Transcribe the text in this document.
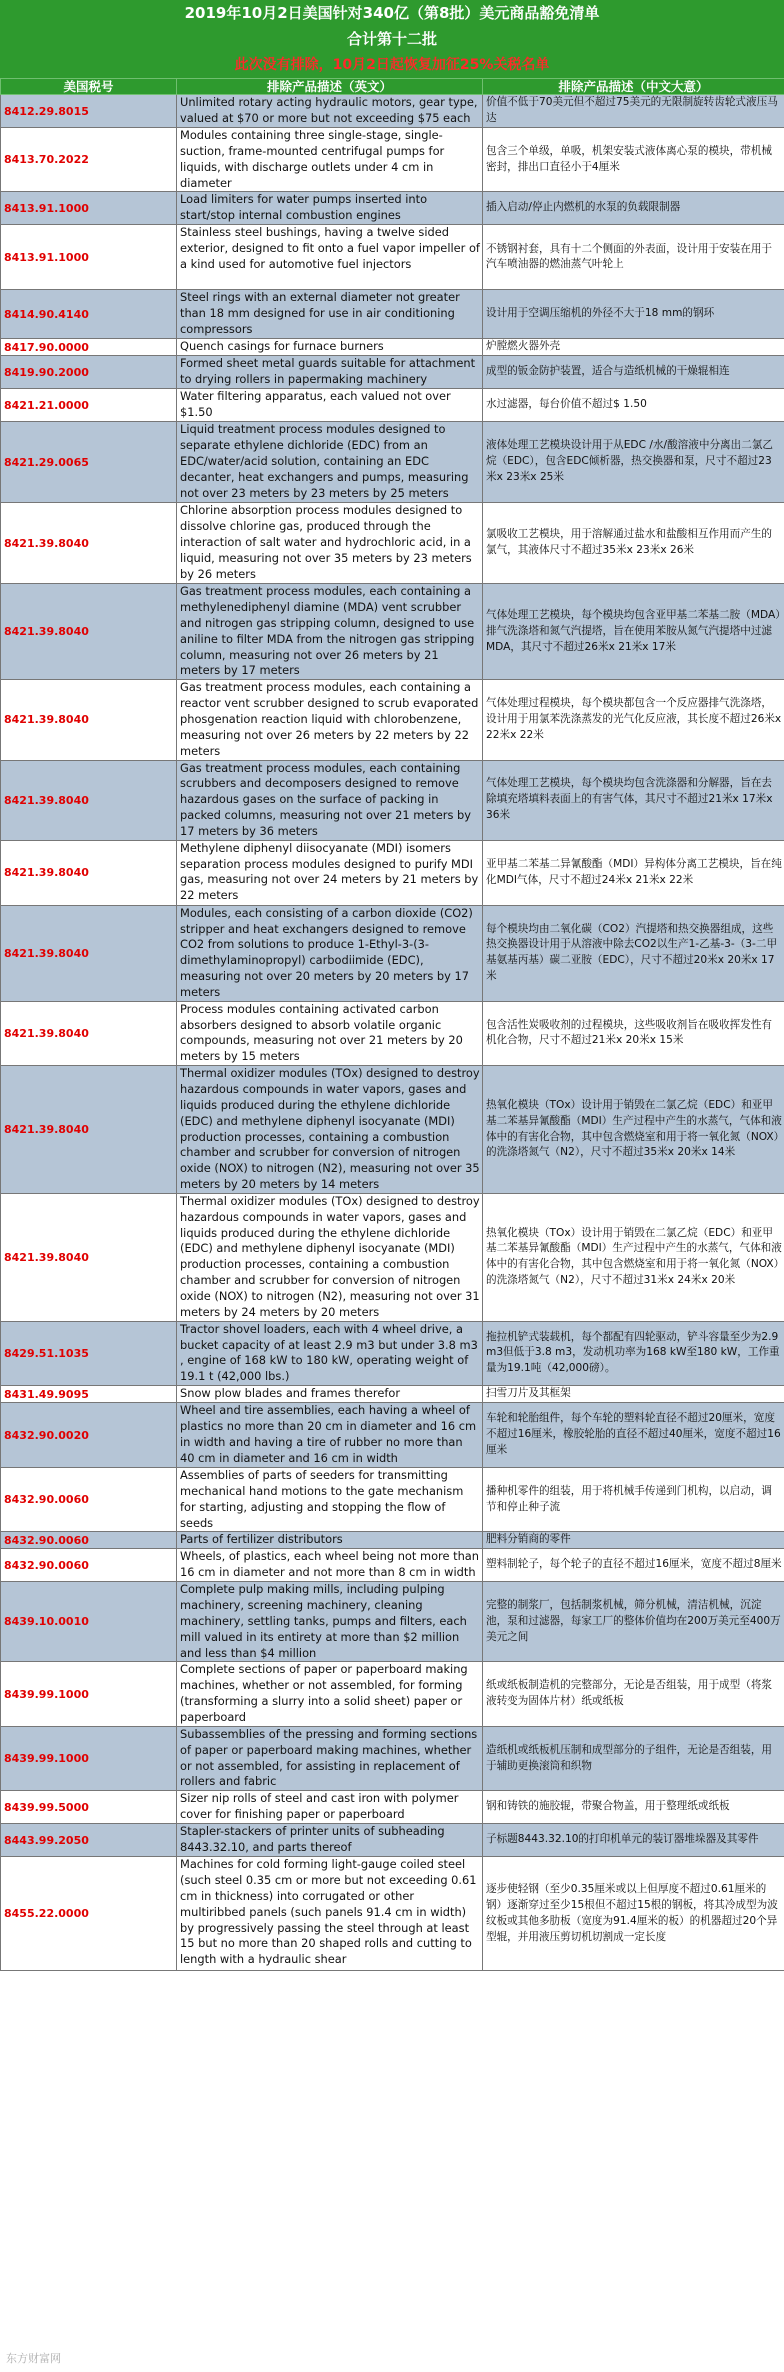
2019年10月2日美国针对340亿（第8批）美元商品豁免清单
合计第十二批
此次没有排除，10月2日起恢复加征25%关税名单
美国税号	排除产品描述（英文）	排除产品描述（中文大意）
8412.29.8015	Unlimited rotary acting hydraulic motors, gear type, valued at $70 or more but not exceeding $75 each	价值不低于70美元但不超过75美元的无限制旋转齿轮式液压马达
8413.70.2022	Modules containing three single-stage, single-suction, frame-mounted centrifugal pumps for liquids, with discharge outlets under 4 cm in diameter	包含三个单级，单吸，机架安装式液体离心泵的模块，带机械密封，排出口直径小于4厘米
8413.91.1000	Load limiters for water pumps inserted into start/stop internal combustion engines	插入启动/停止内燃机的水泵的负载限制器
8413.91.1000	Stainless steel bushings, having a twelve sided exterior, designed to fit onto a fuel vapor impeller of a kind used for automotive fuel injectors	不锈钢衬套，具有十二个侧面的外表面，设计用于安装在用于汽车喷油器的燃油蒸气叶轮上
8414.90.4140	Steel rings with an external diameter not greater than 18 mm designed for use in air conditioning compressors	设计用于空调压缩机的外径不大于18 mm的钢环
8417.90.0000	Quench casings for furnace burners	炉膛燃火器外壳
8419.90.2000	Formed sheet metal guards suitable for attachment to drying rollers in papermaking machinery	成型的钣金防护装置，适合与造纸机械的干燥辊相连
8421.21.0000	Water filtering apparatus, each valued not over $1.50	水过滤器，每台价值不超过$ 1.50
8421.29.0065	Liquid treatment process modules designed to separate ethylene dichloride (EDC) from an EDC/water/acid solution, containing an EDC decanter, heat exchangers and pumps, measuring not over 23 meters by 23 meters by 25 meters	液体处理工艺模块设计用于从EDC /水/酸溶液中分离出二氯乙烷（EDC），包含EDC倾析器，热交换器和泵，尺寸不超过23米x 23米x 25米
8421.39.8040	Chlorine absorption process modules designed to dissolve chlorine gas, produced through the interaction of salt water and hydrochloric acid, in a liquid, measuring not over 35 meters by 23 meters by 26 meters	氯吸收工艺模块，用于溶解通过盐水和盐酸相互作用而产生的氯气，其液体尺寸不超过35米x 23米x 26米
8421.39.8040	Gas treatment process modules, each containing a methylenediphenyl diamine (MDA) vent scrubber and nitrogen gas stripping column, designed to use aniline to filter MDA from the nitrogen gas stripping column, measuring not over 26 meters by 21 meters by 17 meters	气体处理工艺模块，每个模块均包含亚甲基二苯基二胺（MDA）排气洗涤塔和氮气汽提塔，旨在使用苯胺从氮气汽提塔中过滤MDA，其尺寸不超过26米x 21米x 17米
8421.39.8040	Gas treatment process modules, each containing a reactor vent scrubber designed to scrub evaporated phosgenation reaction liquid with chlorobenzene, measuring not over 26 meters by 22 meters by 22 meters	气体处理过程模块，每个模块都包含一个反应器排气洗涤塔，设计用于用氯苯洗涤蒸发的光气化反应液，其长度不超过26米x 22米x 22米
8421.39.8040	Gas treatment process modules, each containing scrubbers and decomposers designed to remove hazardous gases on the surface of packing in packed columns, measuring not over 21 meters by 17 meters by 36 meters	气体处理工艺模块，每个模块均包含洗涤器和分解器，旨在去除填充塔填料表面上的有害气体，其尺寸不超过21米x 17米x 36米
8421.39.8040	Methylene diphenyl diisocyanate (MDI) isomers separation process modules designed to purify MDI gas, measuring not over 24 meters by 21 meters by 22 meters	亚甲基二苯基二异氰酸酯（MDI）异构体分离工艺模块，旨在纯化MDI气体，尺寸不超过24米x 21米x 22米
8421.39.8040	Modules, each consisting of a carbon dioxide (CO2) stripper and heat exchangers designed to remove CO2 from solutions to produce 1-Ethyl-3-(3- dimethylaminopropyl) carbodiimide (EDC), measuring not over 20 meters by 20 meters by 17 meters	每个模块均由二氧化碳（CO2）汽提塔和热交换器组成，这些热交换器设计用于从溶液中除去CO2以生产1-乙基-3-（3-二甲基氨基丙基）碳二亚胺（EDC），尺寸不超过20米x 20米x 17米
8421.39.8040	Process modules containing activated carbon absorbers designed to absorb volatile organic compounds, measuring not over 21 meters by 20 meters by 15 meters	包含活性炭吸收剂的过程模块，这些吸收剂旨在吸收挥发性有机化合物，尺寸不超过21米x 20米x 15米
8421.39.8040	Thermal oxidizer modules (TOx) designed to destroy hazardous compounds in water vapors, gases and liquids produced during the ethylene dichloride (EDC) and methylene diphenyl isocyanate (MDI) production processes, containing a combustion chamber and scrubber for conversion of nitrogen oxide (NOX) to nitrogen (N2), measuring not over 35 meters by 20 meters by 14 meters	热氧化模块（TOx）设计用于销毁在二氯乙烷（EDC）和亚甲基二苯基异氰酸酯（MDI）生产过程中产生的水蒸气，气体和液体中的有害化合物，其中包含燃烧室和用于将一氧化氮（NOX）的洗涤塔氮气（N2），尺寸不超过35米x 20米x 14米
8421.39.8040	Thermal oxidizer modules (TOx) designed to destroy hazardous compounds in water vapors, gases and liquids produced during the ethylene dichloride (EDC) and methylene diphenyl isocyanate (MDI) production processes, containing a combustion chamber and scrubber for conversion of nitrogen oxide (NOX) to nitrogen (N2), measuring not over 31 meters by 24 meters by 20 meters	热氧化模块（TOx）设计用于销毁在二氯乙烷（EDC）和亚甲基二苯基异氰酸酯（MDI）生产过程中产生的水蒸气，气体和液体中的有害化合物，其中包含燃烧室和用于将一氧化氮（NOX）的洗涤塔氮气（N2），尺寸不超过31米x 24米x 20米
8429.51.1035	Tractor shovel loaders, each with 4 wheel drive, a bucket capacity of at least 2.9 m3 but under 3.8 m3 , engine of 168 kW to 180 kW, operating weight of 19.1 t (42,000 lbs.)	拖拉机铲式装载机，每个都配有四轮驱动，铲斗容量至少为2.9 m3但低于3.8 m3，发动机功率为168 kW至180 kW，工作重量为19.1吨（42,000磅）。
8431.49.9095	Snow plow blades and frames therefor	扫雪刀片及其框架
8432.90.0020	Wheel and tire assemblies, each having a wheel of plastics no more than 20 cm in diameter and 16 cm in width and having a tire of rubber no more than 40 cm in diameter and 16 cm in width	车轮和轮胎组件，每个车轮的塑料轮直径不超过20厘米，宽度不超过16厘米，橡胶轮胎的直径不超过40厘米，宽度不超过16厘米
8432.90.0060	Assemblies of parts of seeders for transmitting mechanical hand motions to the gate mechanism for starting, adjusting and stopping the flow of seeds	播种机零件的组装，用于将机械手传递到门机构，以启动，调节和停止种子流
8432.90.0060	Parts of fertilizer distributors	肥料分销商的零件
8432.90.0060	Wheels, of plastics, each wheel being not more than 16 cm in diameter and not more than 8 cm in width	塑料制轮子，每个轮子的直径不超过16厘米，宽度不超过8厘米
8439.10.0010	Complete pulp making mills, including pulping machinery, screening machinery, cleaning machinery, settling tanks, pumps and filters, each mill valued in its entirety at more than $2 million and less than $4 million	完整的制浆厂，包括制浆机械，筛分机械，清洁机械，沉淀池，泵和过滤器，每家工厂的整体价值均在200万美元至400万美元之间
8439.99.1000	Complete sections of paper or paperboard making machines, whether or not assembled, for forming (transforming a slurry into a solid sheet) paper or paperboard	纸或纸板制造机的完整部分，无论是否组装，用于成型（将浆液转变为固体片材）纸或纸板
8439.99.1000	Subassemblies of the pressing and forming sections of paper or paperboard making machines, whether or not assembled, for assisting in replacement of rollers and fabric	造纸机或纸板机压制和成型部分的子组件，无论是否组装，用于辅助更换滚筒和织物
8439.99.5000	Sizer nip rolls of steel and cast iron with polymer cover for finishing paper or paperboard	钢和铸铁的施胶辊，带聚合物盖，用于整理纸或纸板
8443.99.2050	Stapler-stackers of printer units of subheading 8443.32.10, and parts thereof	子标题8443.32.10的打印机单元的装订器堆垛器及其零件
8455.22.0000	Machines for cold forming light-gauge coiled steel (such steel 0.35 cm or more but not exceeding 0.61 cm in thickness) into corrugated or other multiribbed panels (such panels 91.4 cm in width) by progressively passing the steel through at least 15 but no more than 20 shaped rolls and cutting to length with a hydraulic shear	逐步使轻钢（至少0.35厘米或以上但厚度不超过0.61厘米的钢）逐渐穿过至少15根但不超过15根的钢板，将其冷成型为波纹板或其他多肋板（宽度为91.4厘米的板）的机器超过20个异型辊，并用液压剪切机切割成一定长度
东方财富网
